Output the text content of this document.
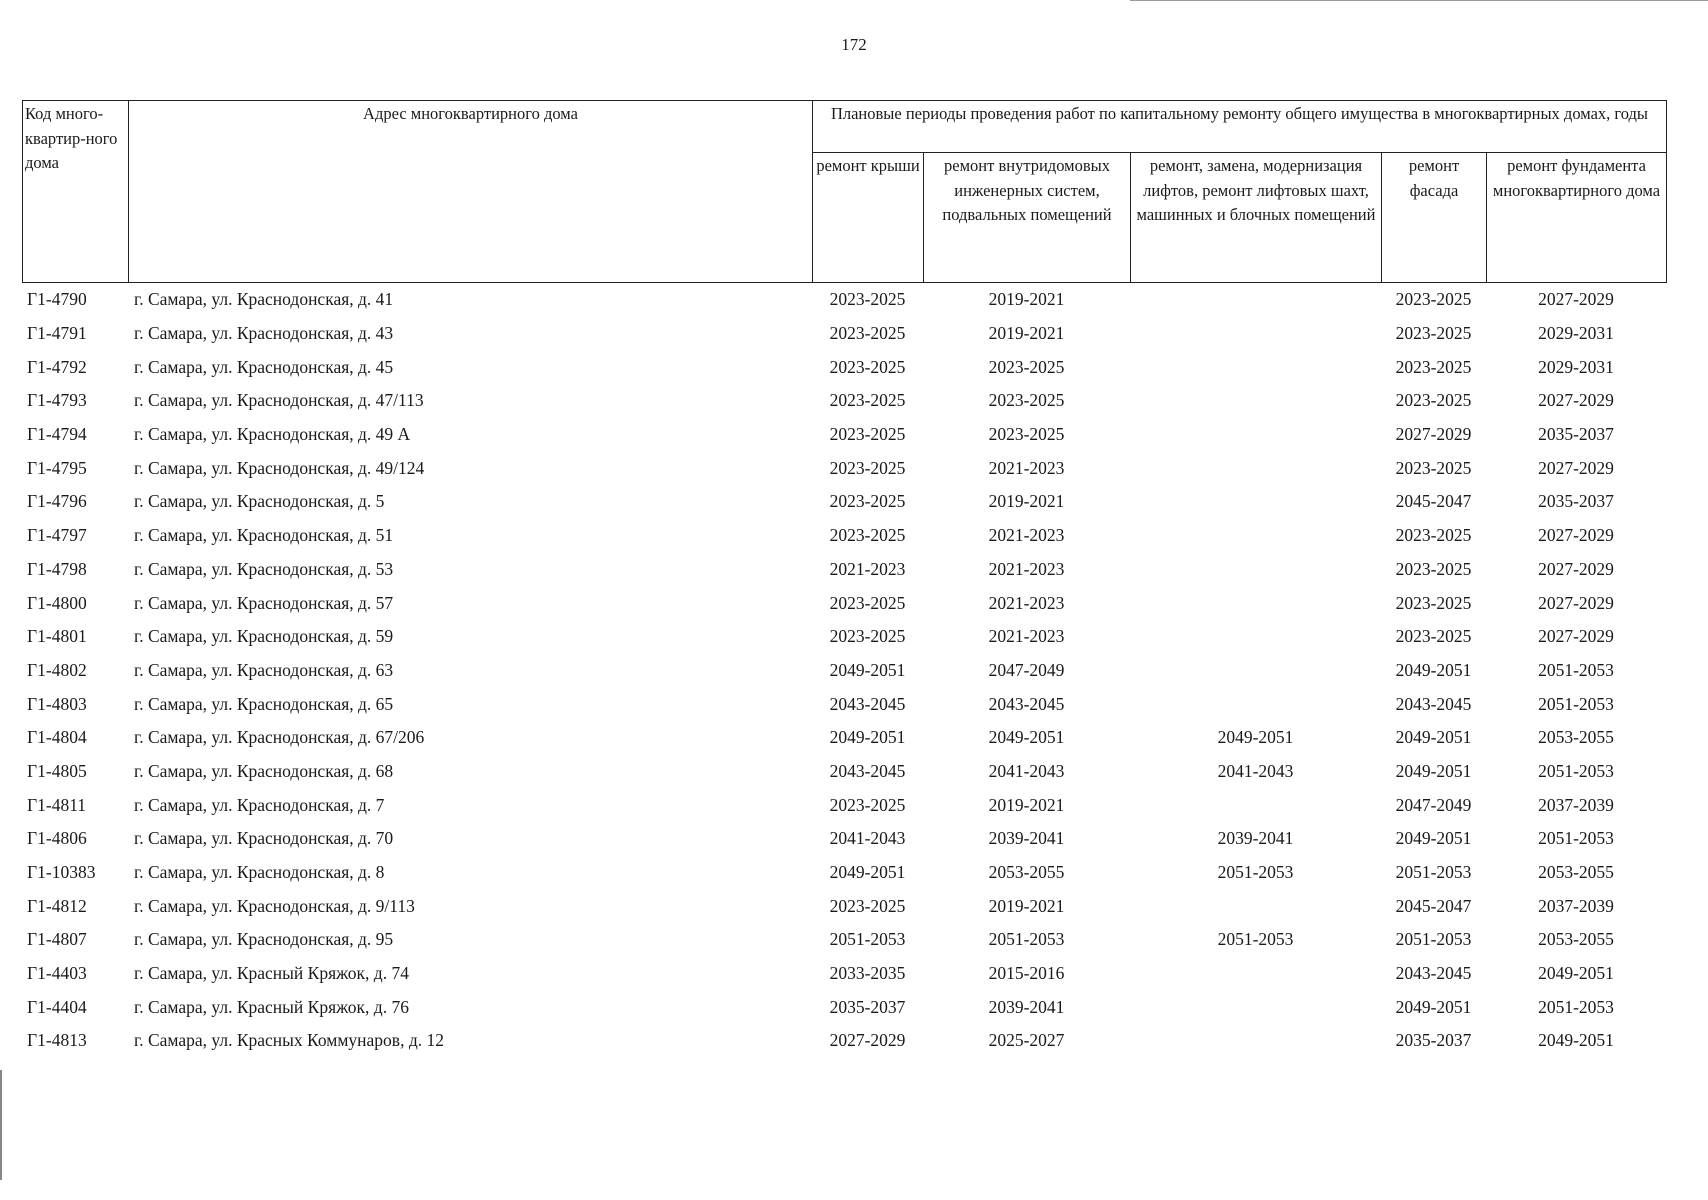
172
Код много-квартир-ного дома	Адрес многоквартирного дома	Плановые периоды проведения работ по капитальному ремонту общего имущества в многоквартирных домах, годы				
		ремонт крыши	ремонт внутридомовых инженерных систем, подвальных помещений	ремонт, замена, модернизация лифтов, ремонт лифтовых шахт, машинных и блочных помещений	ремонт фасада	ремонт фундамента многоквартирного дома
Г1-4790	г. Самара, ул. Краснодонская, д. 41	2023-2025	2019-2021		2023-2025	2027-2029
Г1-4791	г. Самара, ул. Краснодонская, д. 43	2023-2025	2019-2021		2023-2025	2029-2031
Г1-4792	г. Самара, ул. Краснодонская, д. 45	2023-2025	2023-2025		2023-2025	2029-2031
Г1-4793	г. Самара, ул. Краснодонская, д. 47/113	2023-2025	2023-2025		2023-2025	2027-2029
Г1-4794	г. Самара, ул. Краснодонская, д. 49 А	2023-2025	2023-2025		2027-2029	2035-2037
Г1-4795	г. Самара, ул. Краснодонская, д. 49/124	2023-2025	2021-2023		2023-2025	2027-2029
Г1-4796	г. Самара, ул. Краснодонская, д. 5	2023-2025	2019-2021		2045-2047	2035-2037
Г1-4797	г. Самара, ул. Краснодонская, д. 51	2023-2025	2021-2023		2023-2025	2027-2029
Г1-4798	г. Самара, ул. Краснодонская, д. 53	2021-2023	2021-2023		2023-2025	2027-2029
Г1-4800	г. Самара, ул. Краснодонская, д. 57	2023-2025	2021-2023		2023-2025	2027-2029
Г1-4801	г. Самара, ул. Краснодонская, д. 59	2023-2025	2021-2023		2023-2025	2027-2029
Г1-4802	г. Самара, ул. Краснодонская, д. 63	2049-2051	2047-2049		2049-2051	2051-2053
Г1-4803	г. Самара, ул. Краснодонская, д. 65	2043-2045	2043-2045		2043-2045	2051-2053
Г1-4804	г. Самара, ул. Краснодонская, д. 67/206	2049-2051	2049-2051	2049-2051	2049-2051	2053-2055
Г1-4805	г. Самара, ул. Краснодонская, д. 68	2043-2045	2041-2043	2041-2043	2049-2051	2051-2053
Г1-4811	г. Самара, ул. Краснодонская, д. 7	2023-2025	2019-2021		2047-2049	2037-2039
Г1-4806	г. Самара, ул. Краснодонская, д. 70	2041-2043	2039-2041	2039-2041	2049-2051	2051-2053
Г1-10383	г. Самара, ул. Краснодонская, д. 8	2049-2051	2053-2055	2051-2053	2051-2053	2053-2055
Г1-4812	г. Самара, ул. Краснодонская, д. 9/113	2023-2025	2019-2021		2045-2047	2037-2039
Г1-4807	г. Самара, ул. Краснодонская, д. 95	2051-2053	2051-2053	2051-2053	2051-2053	2053-2055
Г1-4403	г. Самара, ул. Красный Кряжок, д. 74	2033-2035	2015-2016		2043-2045	2049-2051
Г1-4404	г. Самара, ул. Красный Кряжок, д. 76	2035-2037	2039-2041		2049-2051	2051-2053
Г1-4813	г. Самара, ул. Красных Коммунаров, д. 12	2027-2029	2025-2027		2035-2037	2049-2051
